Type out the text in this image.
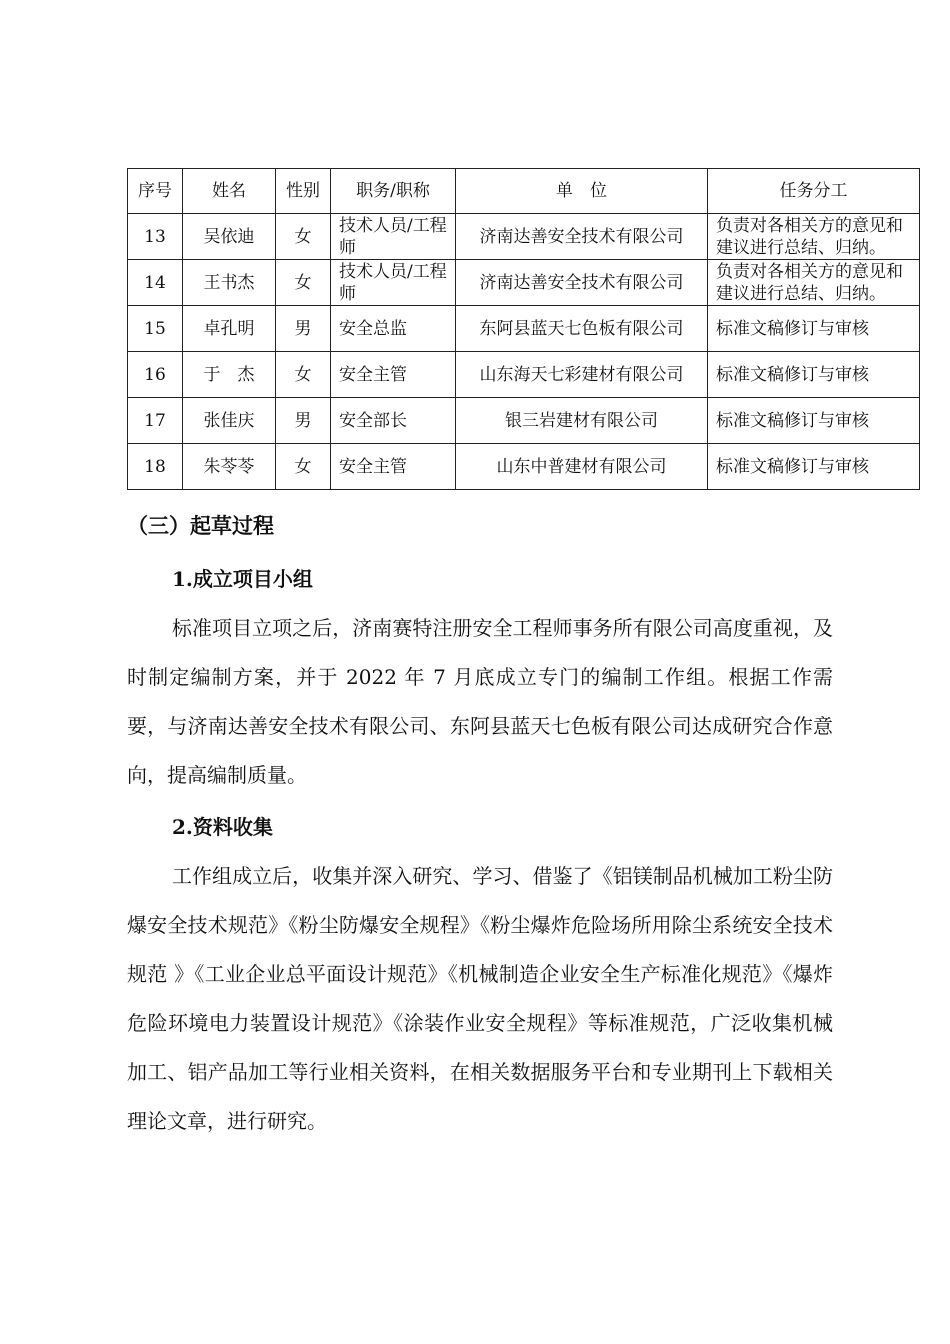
序号	姓名	性别	职务/职称	单　位	任务分工
13	吴依迪	女	技术人员/工程师	济南达善安全技术有限公司	负责对各相关方的意见和建议进行总结、归纳。

14	王书杰	女	技术人员/工程师	济南达善安全技术有限公司	负责对各相关方的意见和建议进行总结、归纳。

15	卓孔明	男	安全总监	东阿县蓝天七色板有限公司	标准文稿修订与审核

16	于　杰	女	安全主管	山东海天七彩建材有限公司	标准文稿修订与审核

17	张佳庆	男	安全部长	银三岩建材有限公司	标准文稿修订与审核

18	朱苓苓	女	安全主管	山东中普建材有限公司	标准文稿修订与审核
（三）起草过程
1.成立项目小组

标准项目立项之后，济南赛特注册安全工程师事务所有限公司高度重视，及时制定编制方案，并于 2022 年 7 月底成立专门的编制工作组。根据工作需要，与济南达善安全技术有限公司、东阿县蓝天七色板有限公司达成研究合作意向，提高编制质量。

2.资料收集

工作组成立后，收集并深入研究、学习、借鉴了《铝镁制品机械加工粉尘防爆安全技术规范》《粉尘防爆安全规程》《粉尘爆炸危险场所用除尘系统安全技术规范 》《工业企业总平面设计规范》《机械制造企业安全生产标准化规范》《爆炸危险环境电力装置设计规范》《涂装作业安全规程》等标准规范，广泛收集机械加工、铝产品加工等行业相关资料，在相关数据服务平台和专业期刊上下载相关理论文章，进行研究。
